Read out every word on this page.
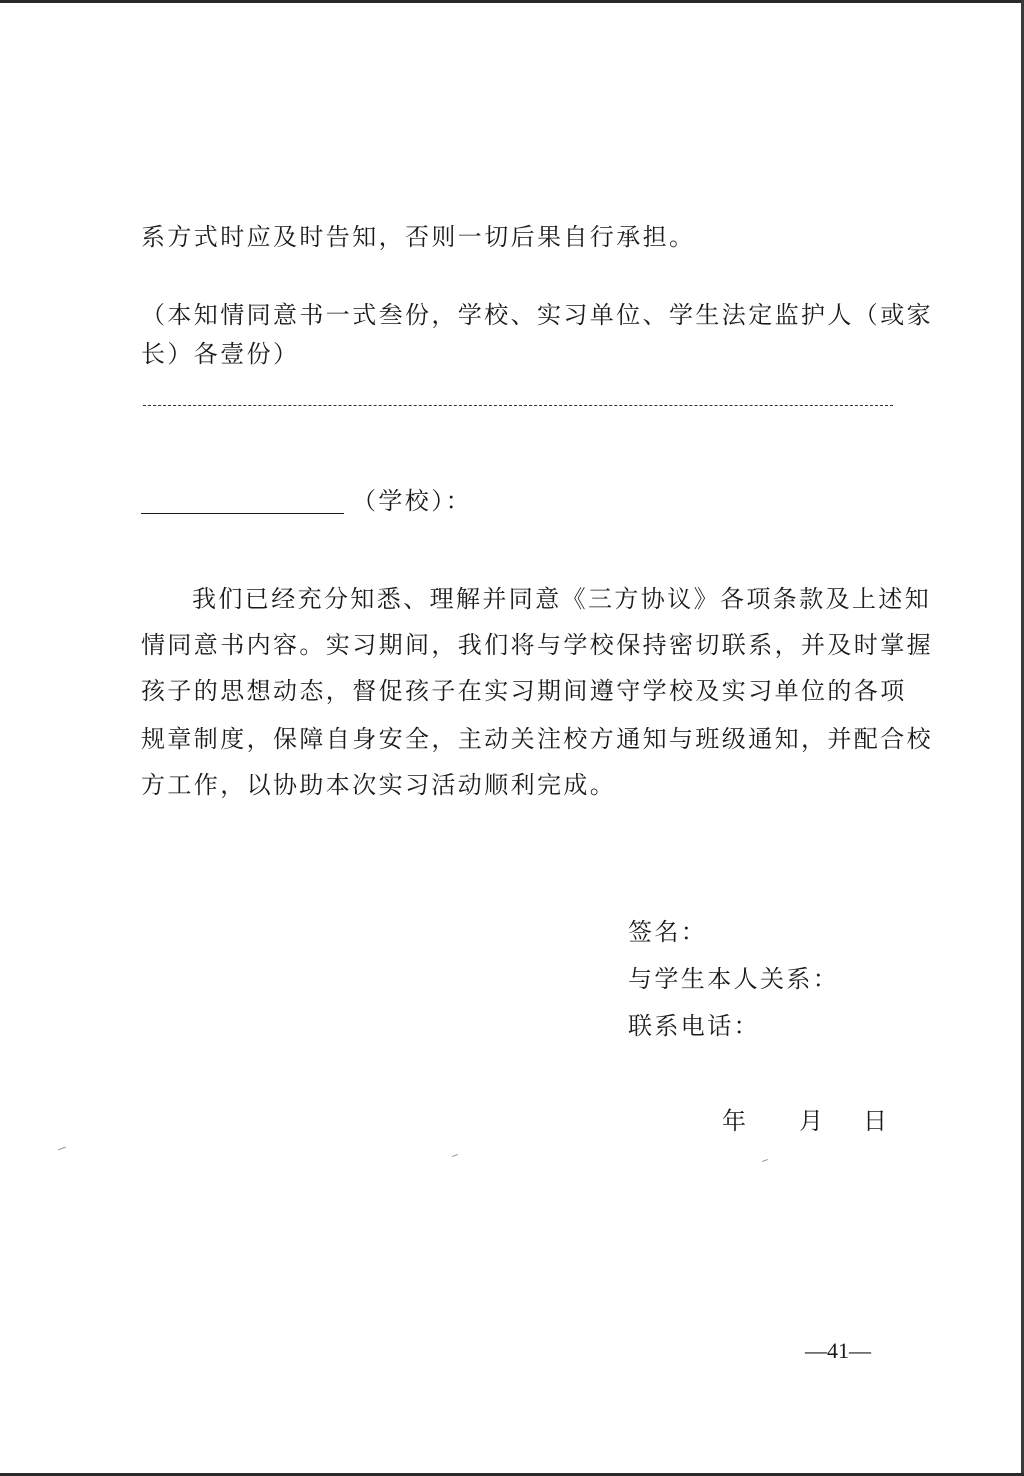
系方式时应及时告知，否则一切后果自行承担。
（本知情同意书一式叁份，学校、实习单位、学生法定监护人（或家
长）各壹份）
（学校）：
我们已经充分知悉、理解并同意《三方协议》各项条款及上述知
情同意书内容。实习期间，我们将与学校保持密切联系，并及时掌握
孩子的思想动态，督促孩子在实习期间遵守学校及实习单位的各项
规章制度，保障自身安全，主动关注校方通知与班级通知，并配合校
方工作，以协助本次实习活动顺利完成。
签名：
与学生本人关系：
联系电话：
年 月 日
—41—
